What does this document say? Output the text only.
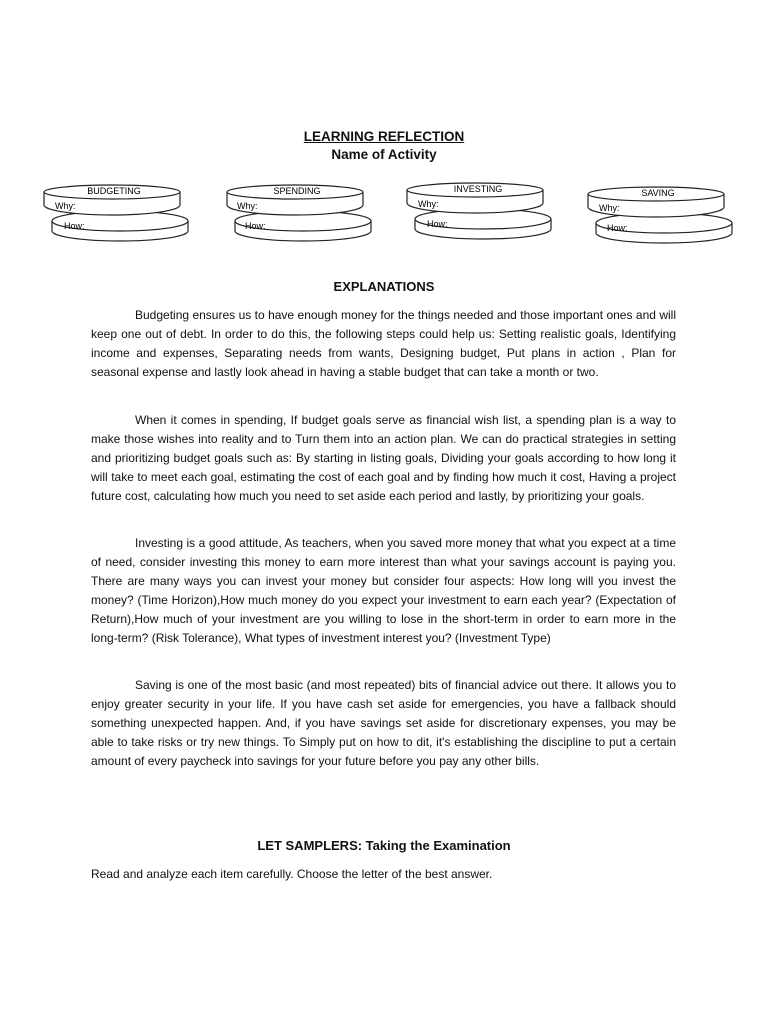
LEARNING REFLECTION
Name of Activity
BUDGETING
Why:
How:
SPENDING
Why:
How:
INVESTING
Why:
How:
SAVING
Why:
How:
EXPLANATIONS

Budgeting ensures us to have enough money for the things needed and those important ones and will keep one out of debt. In order to do this, the following steps could help us: Setting realistic goals, Identifying income and expenses, Separating needs from wants, Designing budget, Put plans in action , Plan for seasonal expense and lastly look ahead in having a stable budget that can take a month or two.

When it comes in spending, If budget goals serve as financial wish list, a spending plan is a way to make those wishes into reality and to Turn them into an action plan. We can do practical strategies in setting and prioritizing budget goals such as: By starting in listing goals, Dividing your goals according to how long it will take to meet each goal, estimating the cost of each goal and by finding how much it cost, Having a project future cost, calculating how much you need to set aside each period and lastly, by prioritizing your goals.

Investing is a good attitude, As teachers, when you saved more money that what you expect at a time of need, consider investing this money to earn more interest than what your savings account is paying you. There are many ways you can invest your money but consider four aspects: How long will you invest the money? (Time Horizon),How much money do you expect your investment to earn each year? (Expectation of Return),How much of your investment are you willing to lose in the short-term in order to earn more in the long-term? (Risk Tolerance), What types of investment interest you? (Investment Type)

Saving is one of the most basic (and most repeated) bits of financial advice out there. It allows you to enjoy greater security in your life. If you have cash set aside for emergencies, you have a fallback should something unexpected happen. And, if you have savings set aside for discretionary expenses, you may be able to take risks or try new things. To Simply put on how to dit, it's establishing the discipline to put a certain amount of every paycheck into savings for your future before you pay any other bills.

LET SAMPLERS: Taking the Examination

Read and analyze each item carefully. Choose the letter of the best answer.
